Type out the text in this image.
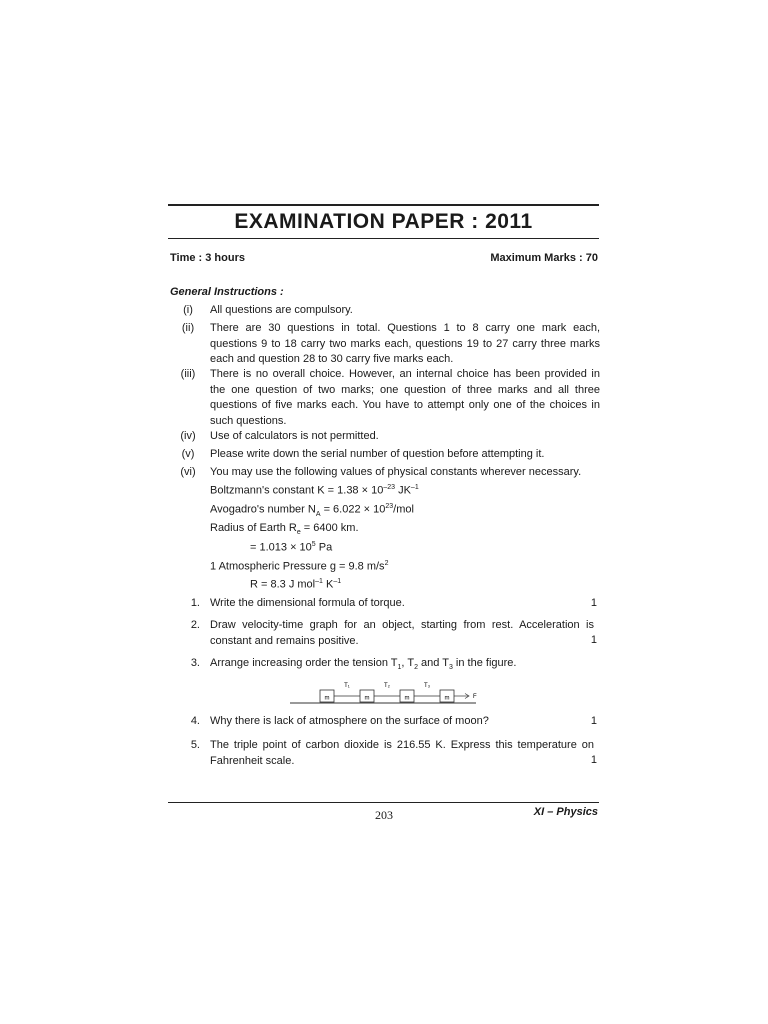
EXAMINATION PAPER : 2011
Time : 3 hours	Maximum Marks : 70
General Instructions :
(i)	All questions are compulsory.
(ii)	There are 30 questions in total. Questions 1 to 8 carry one mark each, questions 9 to 18 carry two marks each, questions 19 to 27 carry three marks each and question 28 to 30 carry five marks each.
(iii)	There is no overall choice. However, an internal choice has been provided in the one question of two marks; one question of three marks and all three questions of five marks each. You have to attempt only one of the choices in such questions.
(iv)	Use of calculators is not permitted.
(v)	Please write down the serial number of question before attempting it.
(vi)	You may use the following values of physical constants wherever necessary.
Boltzmann's constant $K = 1.38 \times 10^{-23}$ $JK^{-1}$
Avogadro's number $N_A = 6.022 \times 10^{23}/mol$
Radius of Earth $R_e = 6400$ km.
= $1.013 \times 10^5$ Pa
1 Atmospheric Pressure g = 9.8 $m/s^2$
R = 8.3 J mol$^{-1}$ $K^{-1}$
1. Write the dimensional formula of torque.	1
2. Draw velocity-time graph for an object, starting from rest. Acceleration is constant and remains positive.	1
3. Arrange increasing order the tension $T_1$, $T_2$ and $T_3$ in the figure.
m
T₁
m
T₂
m
T₃
m	F
4. Why there is lack of atmosphere on the surface of moon?	1
5. The triple point of carbon dioxide is 216.55 K. Express this temperature on Fahrenheit scale.	1
203	XI – Physics
